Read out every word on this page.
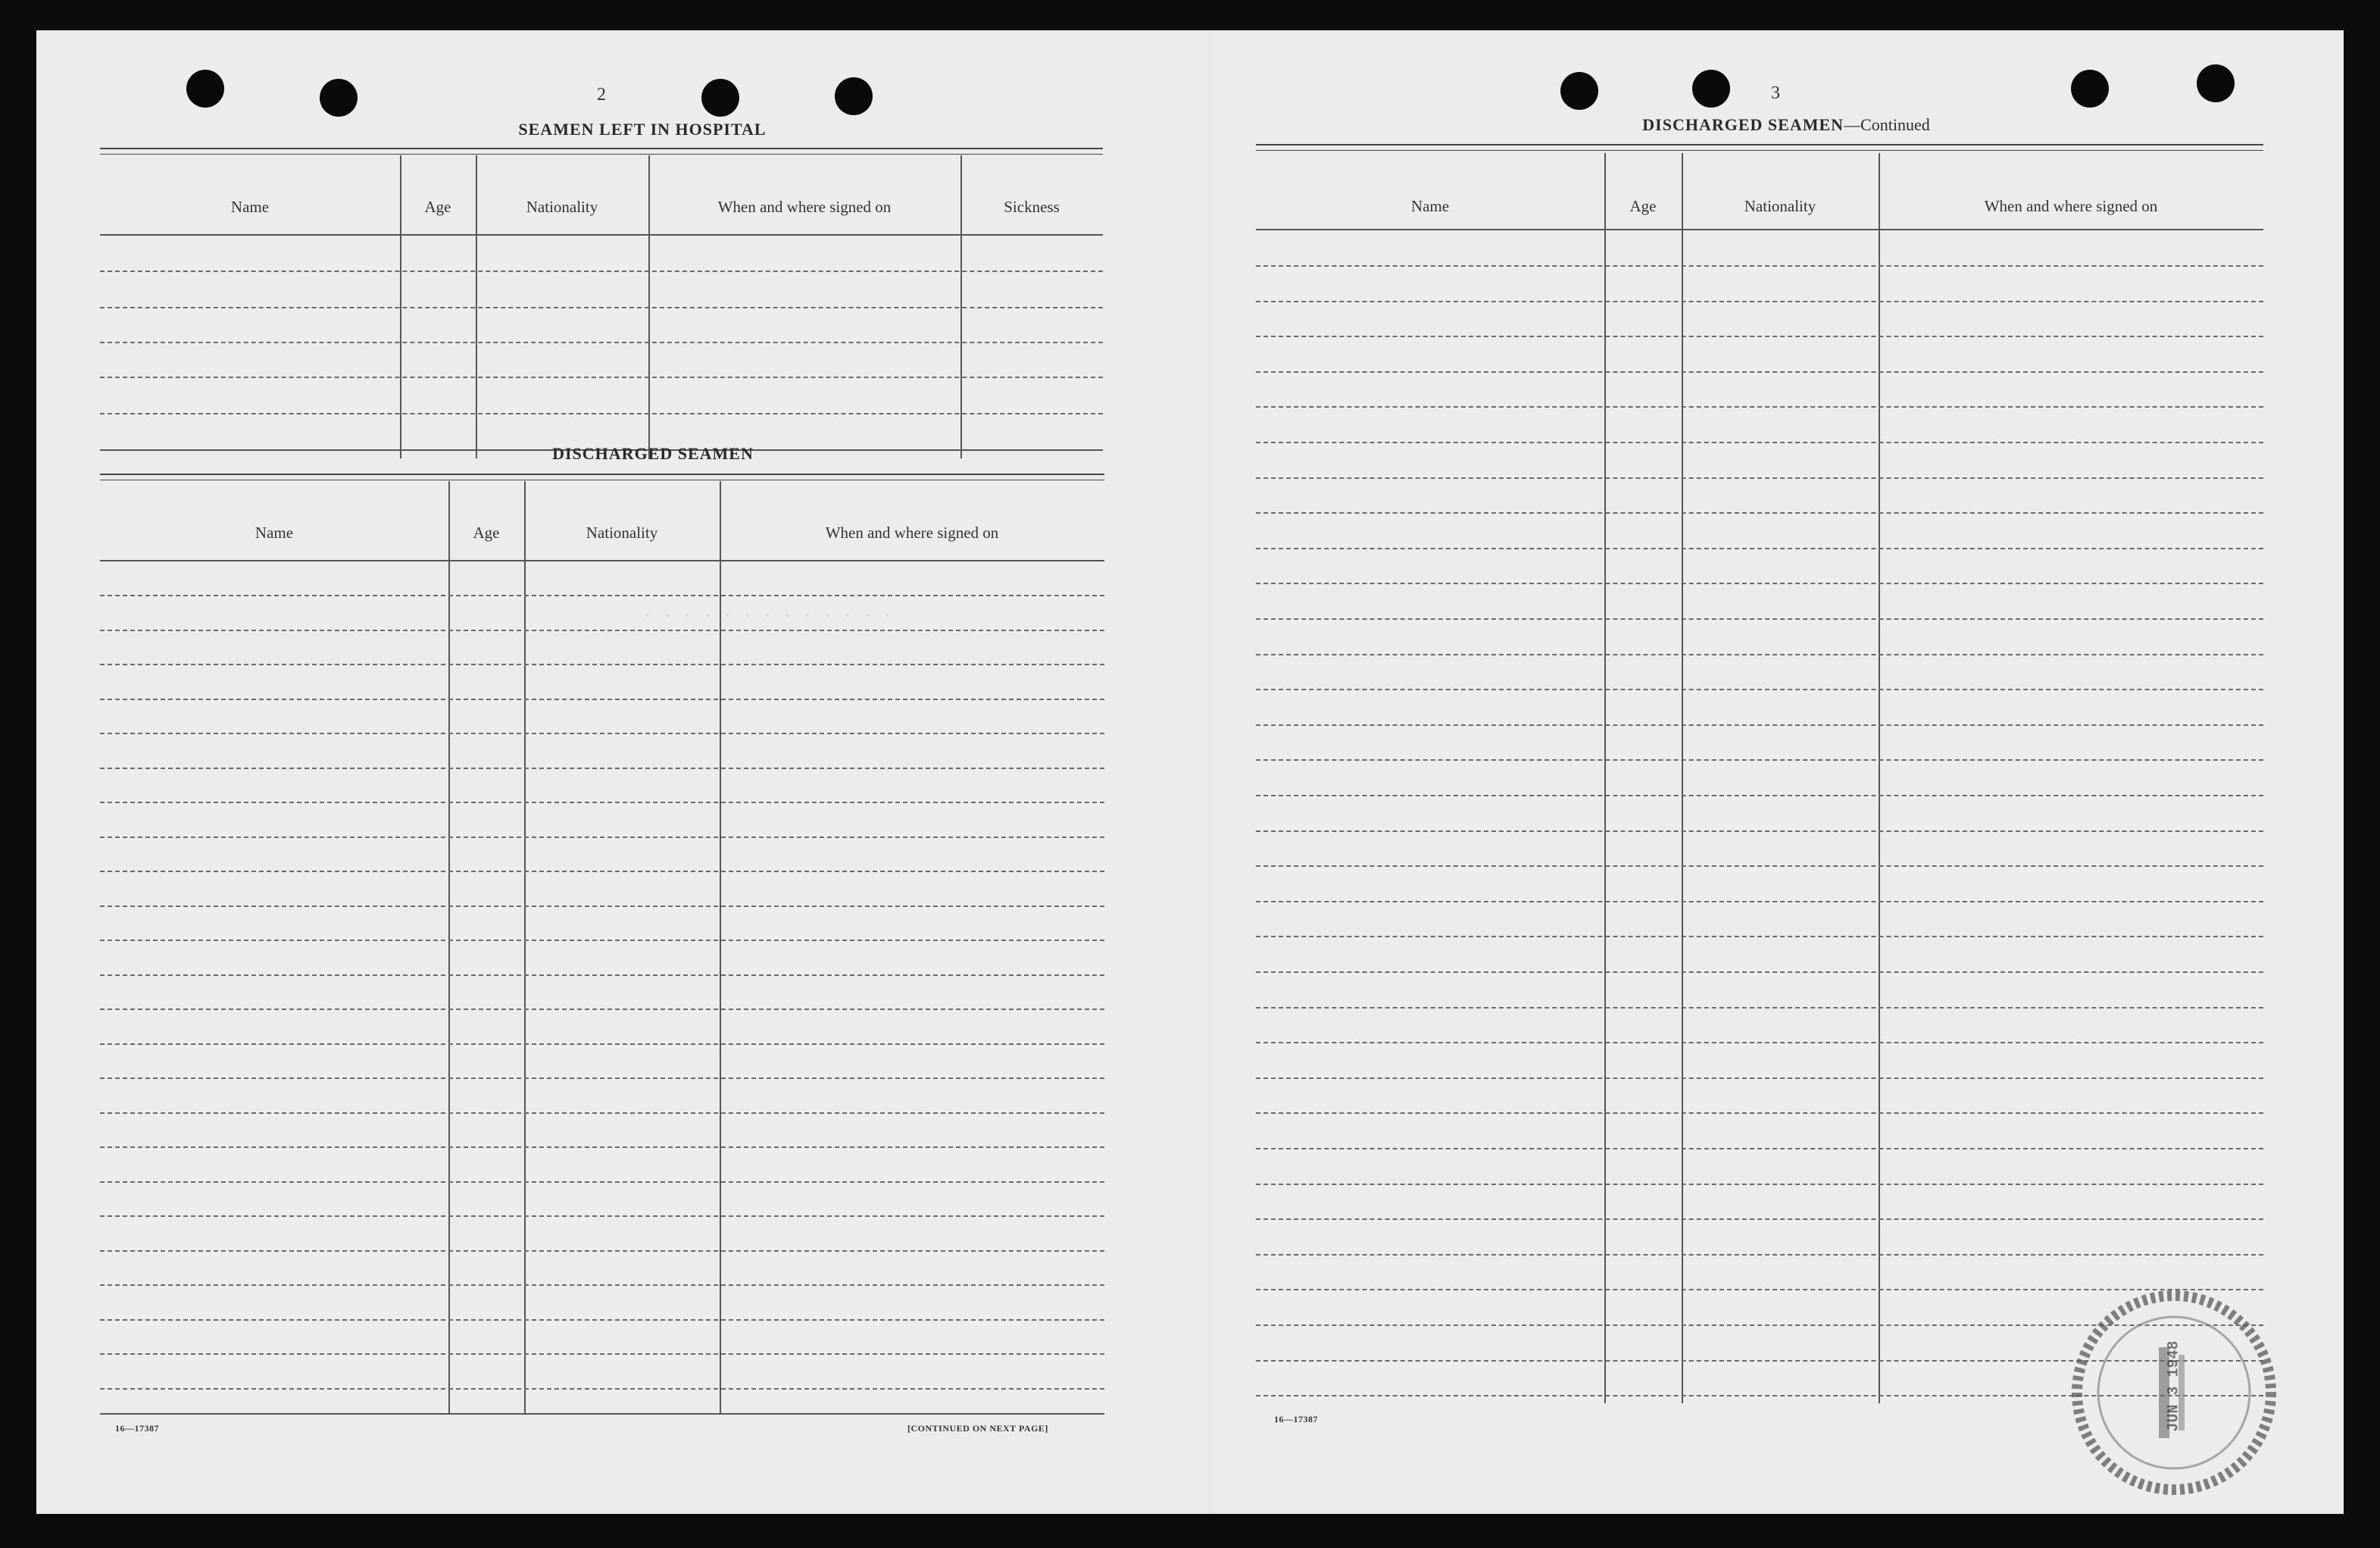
· · · · · · · · · · · · ·
2
SEAMEN LEFT IN HOSPITAL
Name	Age	Nationality	When and where signed on	Sickness
DISCHARGED SEAMEN
Name	Age	Nationality	When and where signed on
16—17387	[CONTINUED ON NEXT PAGE]
3
DISCHARGED SEAMEN—Continued
Name	Age	Nationality	When and where signed on
16—17387	JUN 3 1948
